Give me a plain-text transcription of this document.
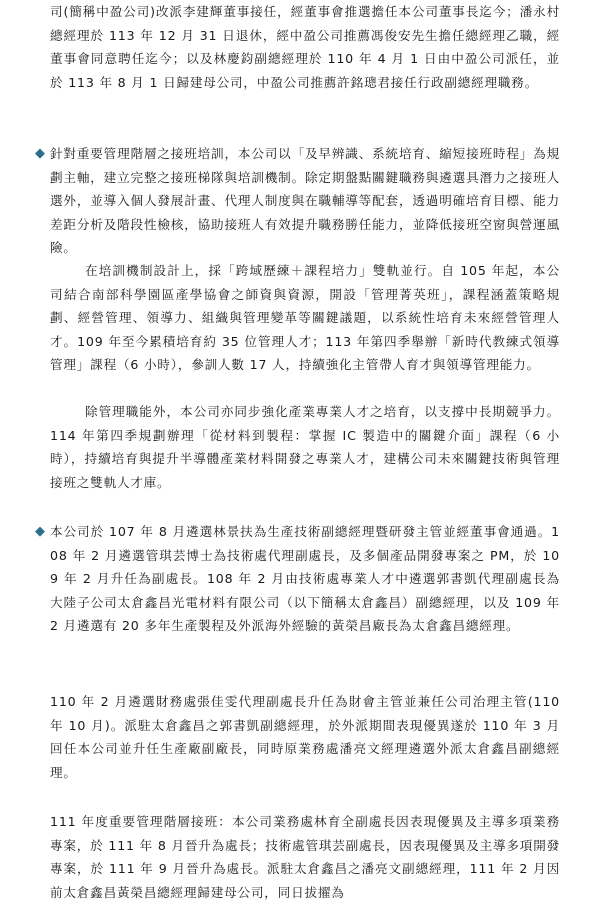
司(簡稱中盈公司)改派李建輝董事接任，經董事會推選擔任本公司董事長迄今；潘永村總經理於 113 年 12 月 31 日退休，經中盈公司推薦馮俊安先生擔任總經理乙職，經董事會同意聘任迄今；以及林慶鈞副總經理於 110 年 4 月 1 日由中盈公司派任，並於 113 年 8 月 1 日歸建母公司，中盈公司推薦許銘璁君接任行政副總經理職務。

◆ 針對重要管理階層之接班培訓，本公司以「及早辨識、系統培育、縮短接班時程」為規劃主軸，建立完整之接班梯隊與培訓機制。除定期盤點關鍵職務與遴選具潛力之接班人選外，並導入個人發展計畫、代理人制度與在職輔導等配套，透過明確培育目標、能力差距分析及階段性檢核，協助接班人有效提升職務勝任能力，並降低接班空窗與營運風險。

在培訓機制設計上，採「跨域歷練＋課程培力」雙軌並行。自 105 年起，本公司結合南部科學園區產學協會之師資與資源，開設「管理菁英班」，課程涵蓋策略規劃、經營管理、領導力、組織與管理變革等關鍵議題，以系統性培育未來經營管理人才。109 年至今累積培育約 35 位管理人才；113 年第四季舉辦「新時代教練式領導管理」課程（6 小時），參訓人數 17 人，持續強化主管帶人育才與領導管理能力。

除管理職能外，本公司亦同步強化產業專業人才之培育，以支撐中長期競爭力。114 年第四季規劃辦理「從材料到製程：掌握 IC 製造中的關鍵介面」課程（6 小時），持續培育與提升半導體產業材料開發之專業人才，建構公司未來關鍵技術與管理接班之雙軌人才庫。

◆ 本公司於 107 年 8 月遴選林景扶為生產技術副總經理暨研發主管並經董事會通過。108 年 2 月遴選管琪芸博士為技術處代理副處長，及多個產品開發專案之 PM，於 109 年 2 月升任為副處長。108 年 2 月由技術處專業人才中遴選郭書凱代理副處長為大陸子公司太倉鑫昌光電材料有限公司（以下簡稱太倉鑫昌）副總經理，以及 109 年 2 月遴選有 20 多年生產製程及外派海外經驗的黃榮昌廠長為太倉鑫昌總經理。

110 年 2 月遴選財務處張佳雯代理副處長升任為財會主管並兼任公司治理主管(110 年 10 月)。派駐太倉鑫昌之郭書凱副總經理，於外派期間表現優異遂於 110 年 3 月回任本公司並升任生產廠副廠長，同時原業務處潘亮文經理遴選外派太倉鑫昌副總經理。

111 年度重要管理階層接班：本公司業務處林育全副處長因表現優異及主導多項業務專案，於 111 年 8 月晉升為處長；技術處管琪芸副處長，因表現優異及主導多項開發專案，於 111 年 9 月晉升為處長。派駐太倉鑫昌之潘亮文副總經理，111 年 2 月因前太倉鑫昌黃榮昌總經理歸建母公司，同日拔擢為
